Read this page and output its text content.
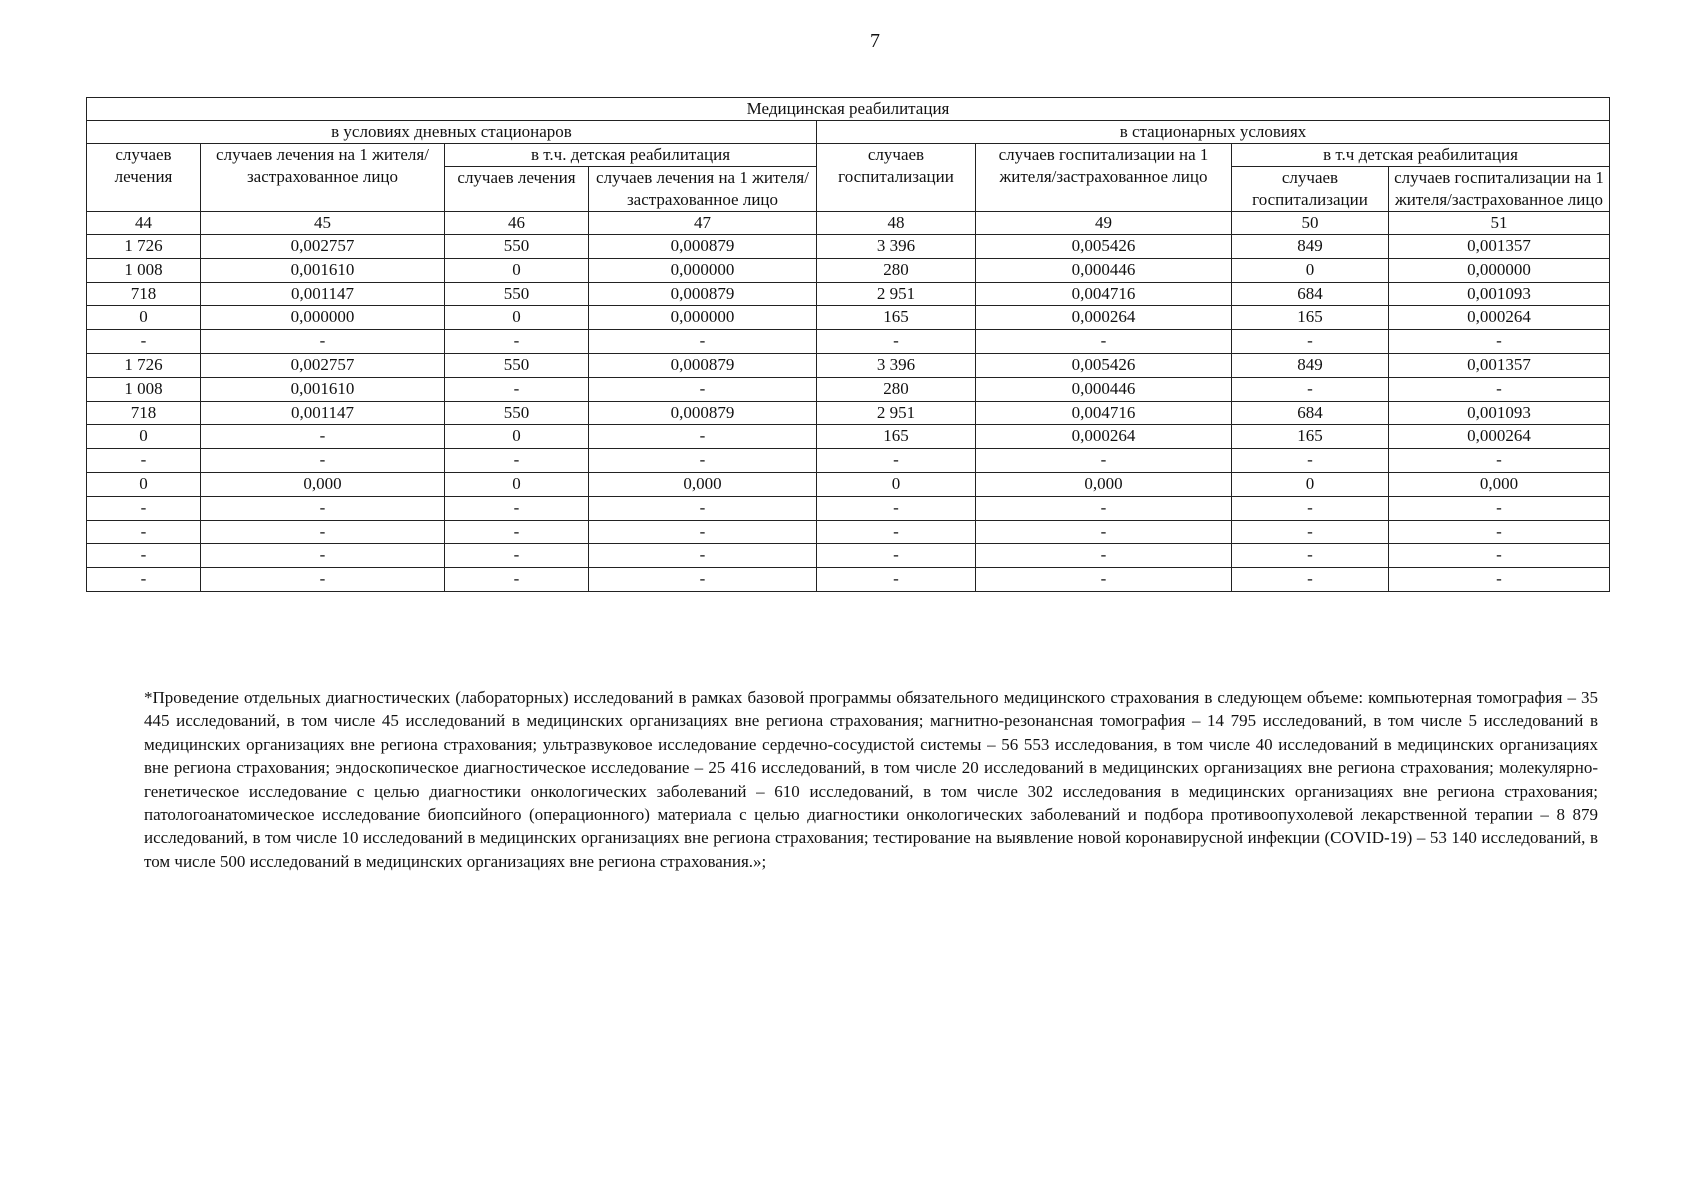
7
Медицинская реабилитация							
в условиях дневных стационаров				в стационарных условиях			
случаев лечения	случаев лечения на 1 жителя/застрахованное лицо	в т.ч. детская реабилитация		случаев госпитализации	случаев госпитализации на 1 жителя/застрахованное лицо	в т.ч детская реабилитация	
		случаев лечения	случаев лечения на 1 жителя/застрахованное лицо			случаев госпитализации	случаев госпитализации на 1 жителя/застрахованное лицо
44	45	46	47	48	49	50	51
1 726	0,002757	550	0,000879	3 396	0,005426	849	0,001357
1 008	0,001610	0	0,000000	280	0,000446	0	0,000000
718	0,001147	550	0,000879	2 951	0,004716	684	0,001093
0	0,000000	0	0,000000	165	0,000264	165	0,000264
-	-	-	-	-	-	-	-
1 726	0,002757	550	0,000879	3 396	0,005426	849	0,001357
1 008	0,001610	-	-	280	0,000446	-	-
718	0,001147	550	0,000879	2 951	0,004716	684	0,001093
0	-	0	-	165	0,000264	165	0,000264
-	-	-	-	-	-	-	-
0	0,000	0	0,000	0	0,000	0	0,000
-	-	-	-	-	-	-	-
-	-	-	-	-	-	-	-
-	-	-	-	-	-	-	-
-	-	-	-	-	-	-	-
*Проведение отдельных диагностических (лабораторных) исследований в рамках базовой программы обязательного медицинского страхования в следующем объеме: компьютерная томография – 35 445 исследований, в том числе 45 исследований в медицинских организациях вне региона страхования; магнитно-резонансная томография – 14 795 исследований, в том числе 5 исследований в медицинских организациях вне региона страхования; ультразвуковое исследование сердечно-сосудистой системы – 56 553 исследования, в том числе 40 исследований в медицинских организациях вне региона страхования; эндоскопическое диагностическое исследование – 25 416 исследований, в том числе 20 исследований в медицинских организациях вне региона страхования; молекулярно-генетическое исследование с целью диагностики онкологических заболеваний – 610 исследований, в том числе 302 исследования в медицинских организациях вне региона страхования; патологоанатомическое исследование биопсийного (операционного) материала с целью диагностики онкологических заболеваний и подбора противоопухолевой лекарственной терапии – 8 879 исследований, в том числе 10 исследований в медицинских организациях вне региона страхования; тестирование на выявление новой коронавирусной инфекции (COVID-19) – 53 140 исследований, в том числе 500 исследований в медицинских организациях вне региона страхования.»;
